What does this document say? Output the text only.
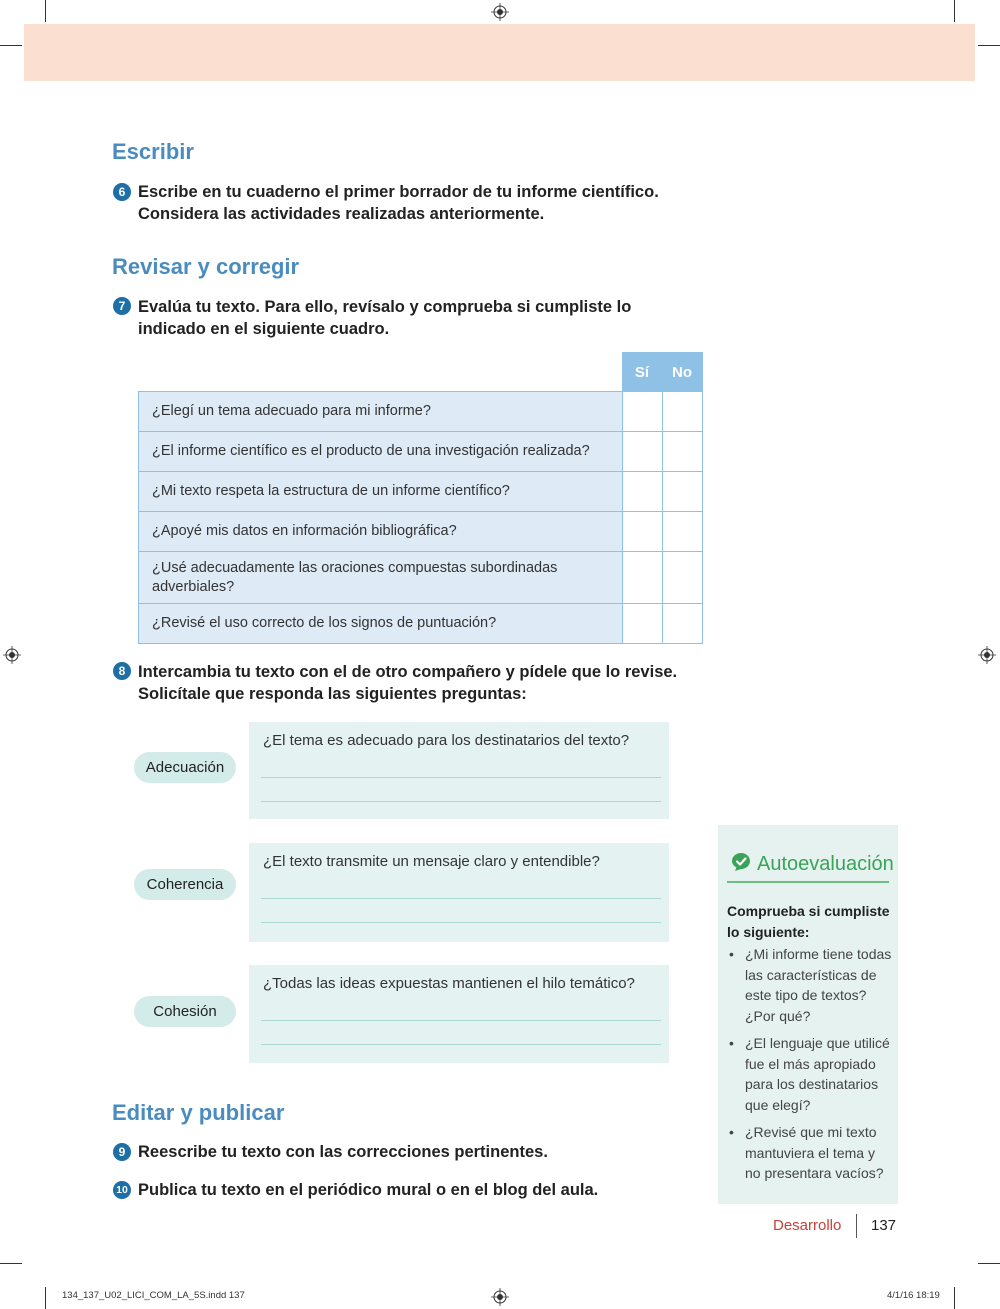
Escribir
6 Escribe en tu cuaderno el primer borrador de tu informe científico.
Considera las actividades realizadas anteriormente.
Revisar y corregir
7 Evalúa tu texto. Para ello, revísalo y comprueba si cumpliste lo
indicado en el siguiente cuadro.
	Sí	No
¿Elegí un tema adecuado para mi informe?		
¿El informe científico es el producto de una investigación realizada?		
¿Mi texto respeta la estructura de un informe científico?		
¿Apoyé mis datos en información bibliográfica?		
¿Usé adecuadamente las oraciones compuestas subordinadas adverbiales?		
¿Revisé el uso correcto de los signos de puntuación?		
8 Intercambia tu texto con el de otro compañero y pídele que lo revise.
Solicítale que responda las siguientes preguntas:
Adecuación
¿El tema es adecuado para los destinatarios del texto?
Coherencia
¿El texto transmite un mensaje claro y entendible?
Cohesión
¿Todas las ideas expuestas mantienen el hilo temático?
Editar y publicar
9 Reescribe tu texto con las correcciones pertinentes.
10 Publica tu texto en el periódico mural o en el blog del aula.
Autoevaluación
Comprueba si cumpliste lo siguiente:
• ¿Mi informe tiene todas las características de este tipo de textos? ¿Por qué?
• ¿El lenguaje que utilicé fue el más apropiado para los destinatarios que elegí?
• ¿Revisé que mi texto mantuviera el tema y no presentara vacíos?
Desarrollo 137
134_137_U02_LICI_COM_LA_5S.indd 137	4/1/16 18:19
